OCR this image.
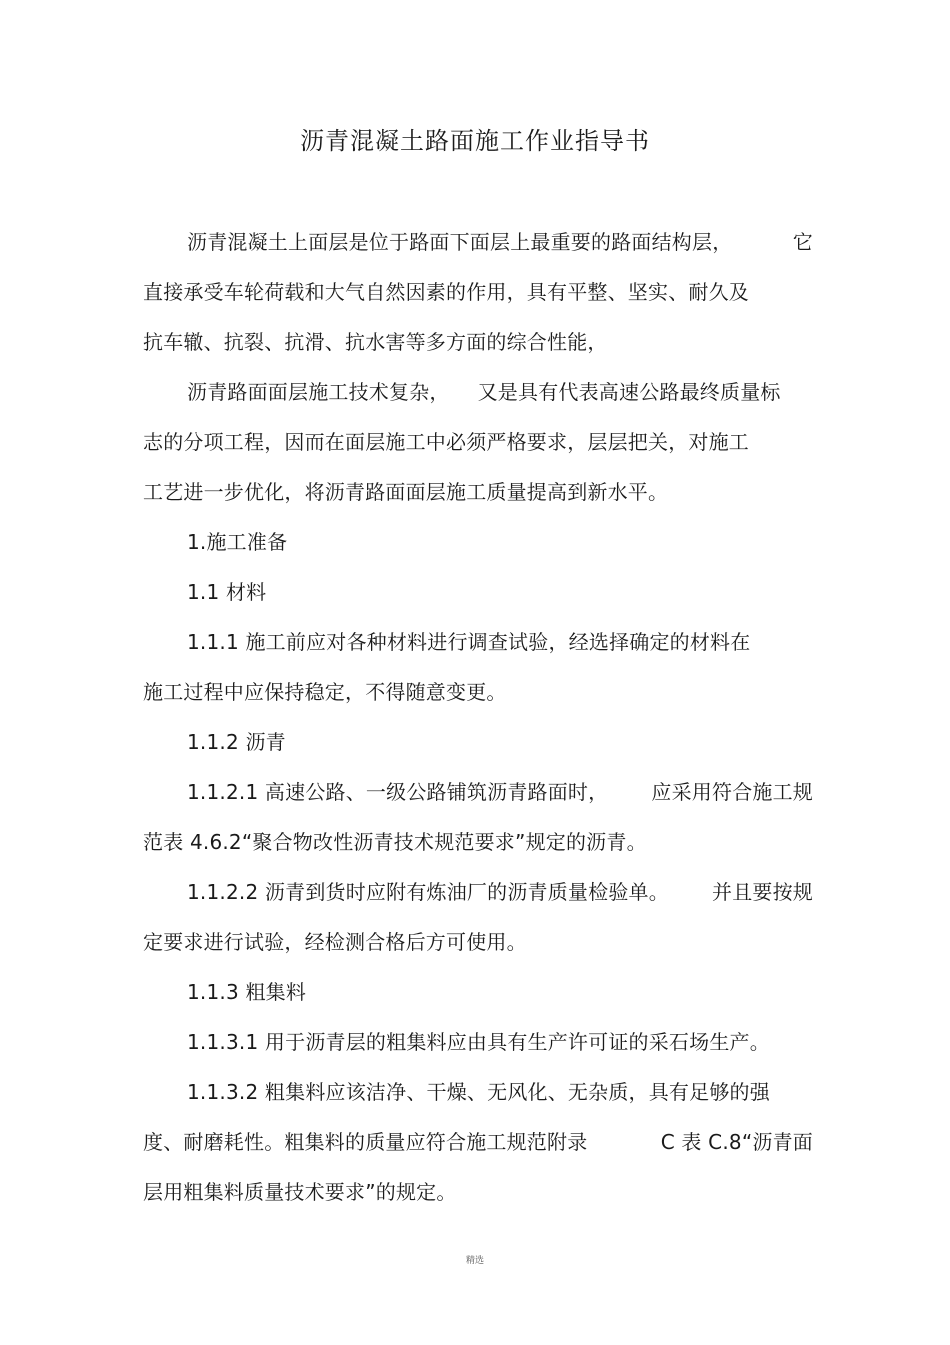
沥青混凝土路面施工作业指导书
沥青混凝土上面层是位于路面下面层上最重要的路面结构层，	它
直接承受车轮荷载和大气自然因素的作用，具有平整、坚实、耐久及
抗车辙、抗裂、抗滑、抗水害等多方面的综合性能，
沥青路面面层施工技术复杂， 又是具有代表高速公路最终质量标
志的分项工程，因而在面层施工中必须严格要求，层层把关，对施工
工艺进一步优化，将沥青路面面层施工质量提高到新水平。
1.施工准备
1.1 材料
1.1.1 施工前应对各种材料进行调查试验，经选择确定的材料在
施工过程中应保持稳定，不得随意变更。
1.1.2 沥青
1.1.2.1 高速公路、一级公路铺筑沥青路面时， 应采用符合施工规
范表 4.6.2“聚合物改性沥青技术规范要求”规定的沥青。
1.1.2.2 沥青到货时应附有炼油厂的沥青质量检验单。 并且要按规
定要求进行试验，经检测合格后方可使用。
1.1.3 粗集料
1.1.3.1 用于沥青层的粗集料应由具有生产许可证的采石场生产。
1.1.3.2 粗集料应该洁净、干燥、无风化、无杂质，具有足够的强
度、耐磨耗性。粗集料的质量应符合施工规范附录	C 表 C.8“沥青面
层用粗集料质量技术要求”的规定。
精选
